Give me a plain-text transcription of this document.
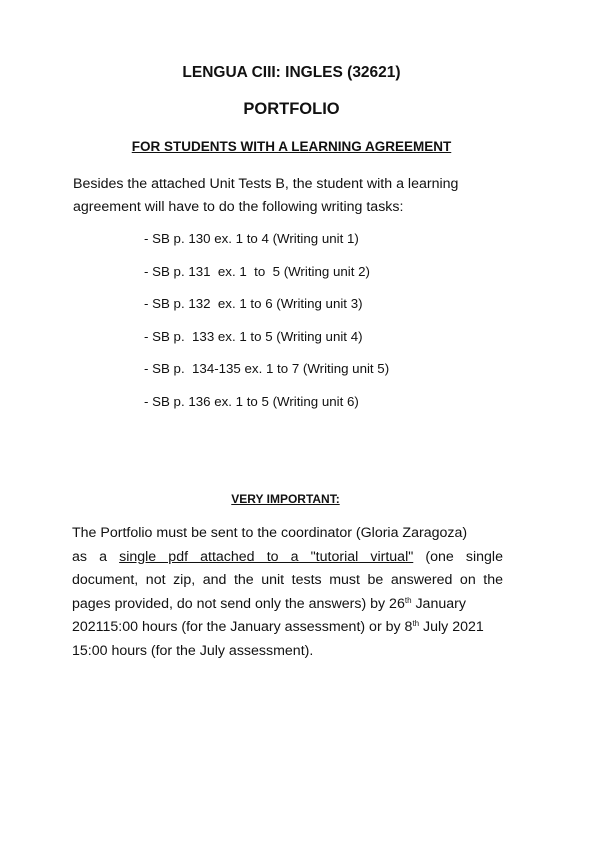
LENGUA CIII: INGLES (32621)
PORTFOLIO
FOR STUDENTS WITH A LEARNING AGREEMENT

Besides the attached Unit Tests B, the student with a learning
agreement will have to do the following writing tasks:

- SB p. 130 ex. 1 to 4 (Writing unit 1)
- SB p. 131  ex. 1  to  5 (Writing unit 2)
- SB p. 132  ex. 1 to 6 (Writing unit 3)
- SB p.  133 ex. 1 to 5 (Writing unit 4)
- SB p.  134-135 ex. 1 to 7 (Writing unit 5)
- SB p. 136 ex. 1 to 5 (Writing unit 6)
VERY IMPORTANT:

The Portfolio must be sent to the coordinator (Gloria Zaragoza)
as a single pdf attached to a "tutorial virtual" (one single
document, not zip, and the unit tests must be answered on the
pages provided, do not send only the answers) by 26th January
202115:00 hours (for the January assessment) or by 8th July 2021
15:00 hours (for the July assessment).
